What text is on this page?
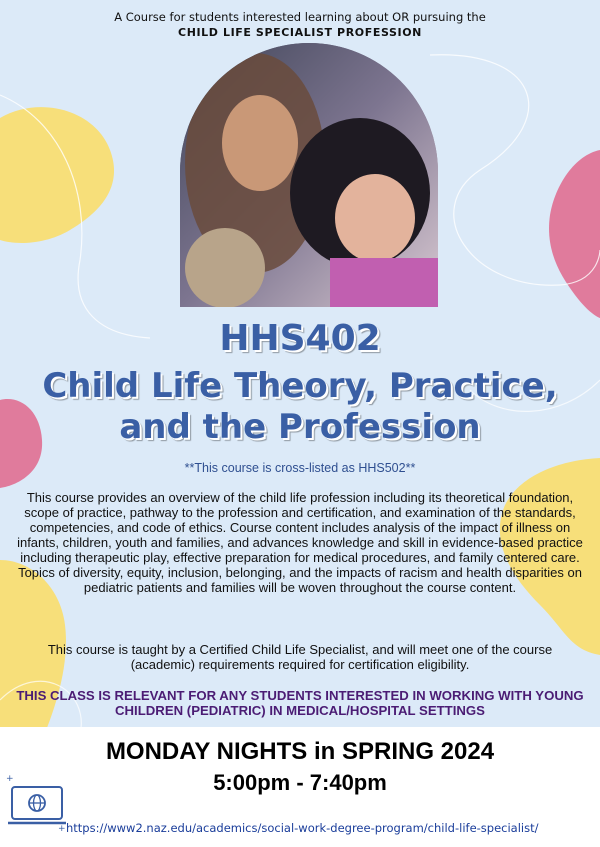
A Course for students interested learning about OR pursuing the
CHILD LIFE SPECIALIST PROFESSION
HHS402
Child Life Theory, Practice,
and the Profession
**This course is cross-listed as HHS502**
This course provides an overview of the child life profession including its theoretical foundation, scope of practice, pathway to the profession and certification, and examination of the standards, competencies, and code of ethics. Course content includes analysis of the impact of illness on infants, children, youth and families, and advances knowledge and skill in evidence-based practice including therapeutic play, effective preparation for medical procedures, and family centered care. Topics of diversity, equity, inclusion, belonging, and the impacts of racism and health disparities on pediatric patients and families will be woven throughout the course content.
This course is taught by a Certified Child Life Specialist, and will meet one of the course (academic) requirements required for certification eligibility.
THIS CLASS IS RELEVANT FOR ANY STUDENTS INTERESTED IN WORKING WITH YOUNG CHILDREN (PEDIATRIC) IN MEDICAL/HOSPITAL SETTINGS
MONDAY NIGHTS in SPRING 2024
5:00pm - 7:40pm
+
+
https://www2.naz.edu/academics/social-work-degree-program/child-life-specialist/
